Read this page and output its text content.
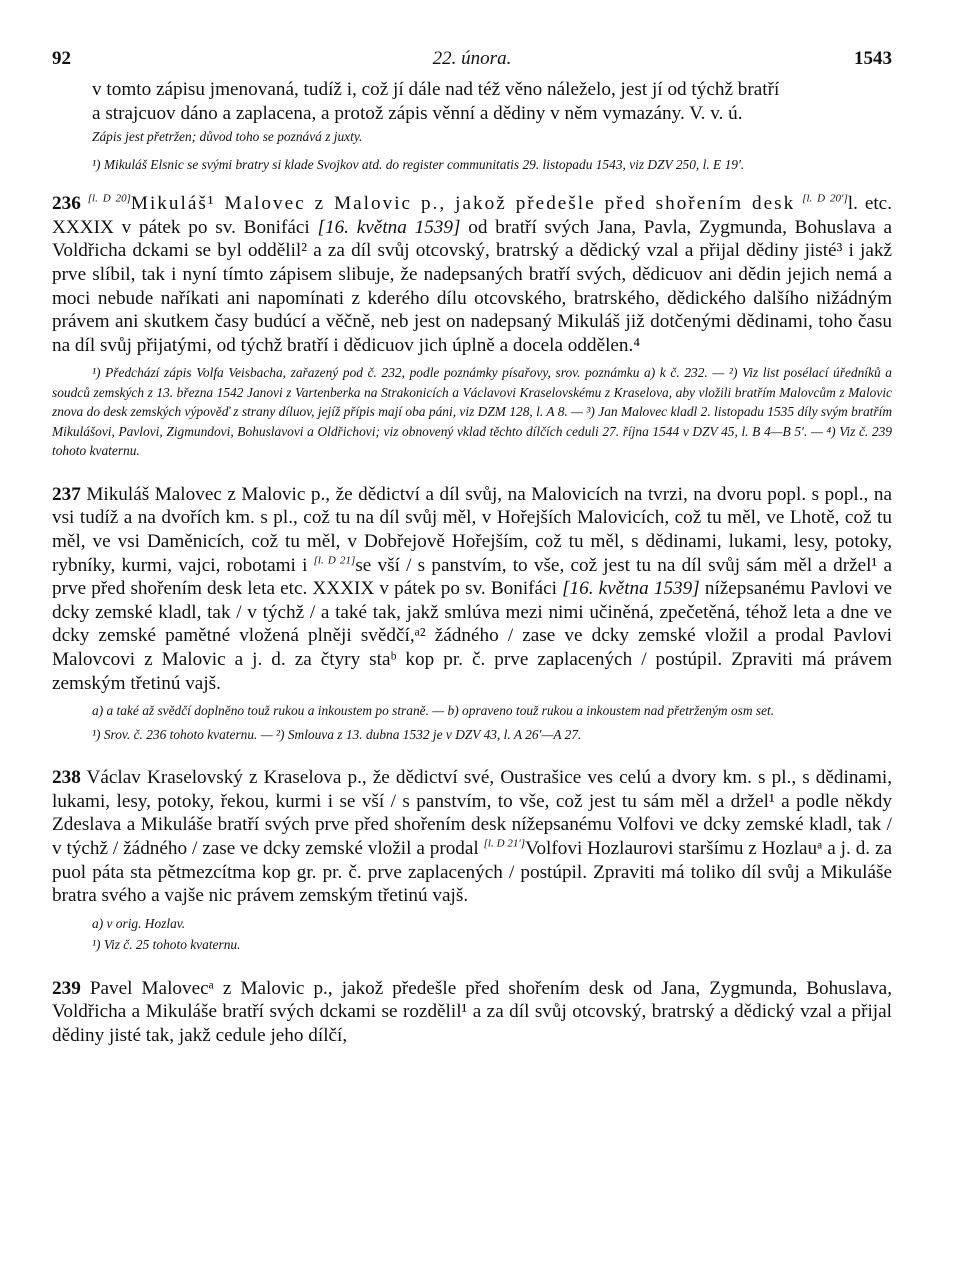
92	22. února.	1543

v tomto zápisu jmenovaná, tudíž i, což jí dále nad též věno náleželo, jest jí od týchž bratří

a strajcuov dáno a zaplacena, a protož zápis věnní a dědiny v něm vymazány. V. v. ú.

Zápis jest přetržen; důvod toho se poznává z juxty.

¹) Mikuláš Elsnic se svými bratry si klade Svojkov atd. do register communitatis 29. listopadu 1543, viz DZV 250, l. E 19′.

236 [l. D 20]Mikuláš¹ Malovec z Malovic p., jakož předešle před shořením desk [l. D 20′]l. etc. XXXIX v pátek po sv. Bonifáci [16. května 1539] od bratří svých Jana, Pavla, Zygmunda, Bohuslava a Voldřicha dckami se byl oddělil² a za díl svůj otcovský, bratrský a dědický vzal a přijal dědiny jisté³ i jakž prve slíbil, tak i nyní tímto zápisem slibuje, že nadepsaných bratří svých, dědicuov ani dědin jejich nemá a moci nebude naříkati ani napomínati z kderého dílu otcovského, bratrského, dědického dalšího nižádným právem ani skutkem časy budúcí a věčně, neb jest on nadepsaný Mikuláš již dotčenými dědinami, toho času na díl svůj přijatými, od týchž bratří i dědicuov jich úplně a docela oddělen.⁴

¹) Předchází zápis Volfa Veisbacha, zařazený pod č. 232, podle poznámky písařovy, srov. poznámku a) k č. 232. — ²) Viz list posélací úředníků a soudců zemských z 13. března 1542 Janovi z Vartenberka na Strakonicích a Václavovi Kraselovskému z Kraselova, aby vložili bratřím Malovcům z Malovic znova do desk zemských výpověď z strany díluov, jejíž přípis mají oba páni, viz DZM 128, l. A 8. — ³) Jan Malovec kladl 2. listopadu 1535 díly svým bratřím Mikulášovi, Pavlovi, Zigmundovi, Bohuslavovi a Oldřichovi; viz obnovený vklad těchto dílčích ceduli 27. října 1544 v DZV 45, l. B 4—B 5′. — ⁴) Viz č. 239 tohoto kvaternu.

237 Mikuláš Malovec z Malovic p., že dědictví a díl svůj, na Malovicích na tvrzi, na dvoru popl. s popl., na vsi tudíž a na dvořích km. s pl., což tu na díl svůj měl, v Hořejších Malovicích, což tu měl, ve Lhotě, což tu měl, ve vsi Daměnicích, což tu měl, v Dobřejově Hořejším, což tu měl, s dědinami, lukami, lesy, potoky, rybníky, kurmi, vajci, robotami i [l. D 21]se vší / s panstvím, to vše, což jest tu na díl svůj sám měl a držel¹ a prve před shořením desk leta etc. XXXIX v pátek po sv. Bonifáci [16. května 1539] nížepsanému Pavlovi ve dcky zemské kladl, tak / v týchž / a také tak, jakž smlúva mezi nimi učiněná, zpečetěná, téhož leta a dne ve dcky zemské pamětné vložená plněji svědčí,ᵃ² žádného / zase ve dcky zemské vložil a prodal Pavlovi Malovcovi z Malovic a j. d. za čtyry staᵇ kop pr. č. prve zaplacených / postúpil. Zpraviti má právem zemským třetinú vajš.

a) a také až svědčí doplněno touž rukou a inkoustem po straně. — b) opraveno touž rukou a inkoustem nad přetrženým osm set.

¹) Srov. č. 236 tohoto kvaternu. — ²) Smlouva z 13. dubna 1532 je v DZV 43, l. A 26′—A 27.

238 Václav Kraselovský z Kraselova p., že dědictví své, Oustrašice ves celú a dvory km. s pl., s dědinami, lukami, lesy, potoky, řekou, kurmi i se vší / s panstvím, to vše, což jest tu sám měl a držel¹ a podle někdy Zdeslava a Mikuláše bratří svých prve před shořením desk nížepsanému Volfovi ve dcky zemské kladl, tak / v týchž / žádného / zase ve dcky zemské vložil a prodal [l. D 21′]Volfovi Hozlaurovi staršímu z Hozlauᵃ a j. d. za puol páta sta pětmezcítma kop gr. pr. č. prve zaplacených / postúpil. Zpraviti má toliko díl svůj a Mikuláše bratra svého a vajše nic právem zemským třetinú vajš.

a) v orig. Hozlav.

¹) Viz č. 25 tohoto kvaternu.

239 Pavel Malovecᵃ z Malovic p., jakož předešle před shořením desk od Jana, Zygmunda, Bohuslava, Voldřicha a Mikuláše bratří svých dckami se rozdělil¹ a za díl svůj otcovský, bratrský a dědický vzal a přijal dědiny jisté tak, jakž cedule jeho dílčí,
